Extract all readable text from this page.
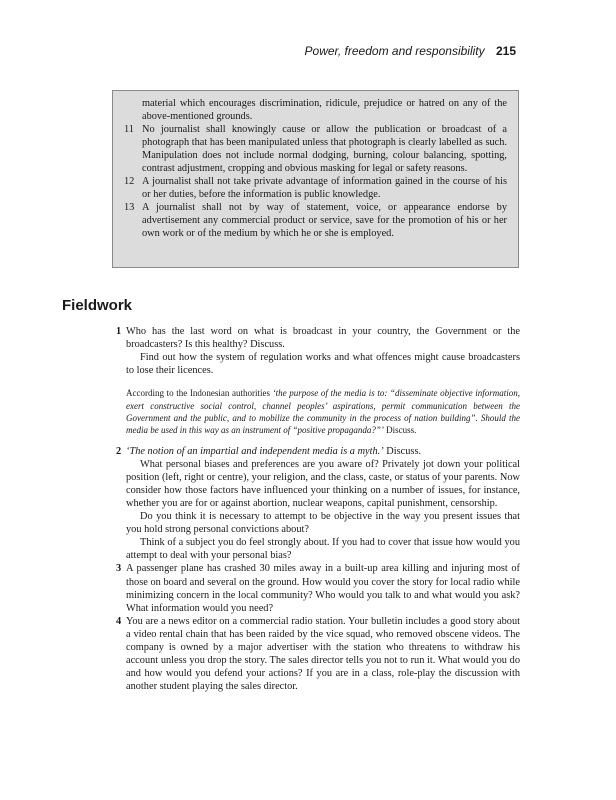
Power, freedom and responsibility 215
material which encourages discrimination, ridicule, prejudice or hatred on any of the above-mentioned grounds.
11 No journalist shall knowingly cause or allow the publication or broadcast of a photograph that has been manipulated unless that photograph is clearly labelled as such. Manipulation does not include normal dodging, burning, colour balancing, spotting, contrast adjustment, cropping and obvious masking for legal or safety reasons.
12 A journalist shall not take private advantage of information gained in the course of his or her duties, before the information is public knowledge.
13 A journalist shall not by way of statement, voice, or appearance endorse by advertisement any commercial product or service, save for the promotion of his or her own work or of the medium by which he or she is employed.
Fieldwork
1 Who has the last word on what is broadcast in your country, the Government or the broadcasters? Is this healthy? Discuss.

Find out how the system of regulation works and what offences might cause broadcasters to lose their licences.

According to the Indonesian authorities ‘the purpose of the media is to: “disseminate objective information, exert constructive social control, channel peoples’ aspirations, permit communication between the Government and the public, and to mobilize the community in the process of nation building”. Should the media be used in this way as an instrument of “positive propaganda?”’ Discuss.
2 ‘The notion of an impartial and independent media is a myth.’ Discuss.

What personal biases and preferences are you aware of? Privately jot down your political position (left, right or centre), your religion, and the class, caste, or status of your parents. Now consider how those factors have influenced your thinking on a number of issues, for instance, whether you are for or against abortion, nuclear weapons, capital punishment, censorship.

Do you think it is necessary to attempt to be objective in the way you present issues that you hold strong personal convictions about?

Think of a subject you do feel strongly about. If you had to cover that issue how would you attempt to deal with your personal bias?

3 A passenger plane has crashed 30 miles away in a built-up area killing and injuring most of those on board and several on the ground. How would you cover the story for local radio while minimizing concern in the local community? Who would you talk to and what would you ask? What information would you need?

4 You are a news editor on a commercial radio station. Your bulletin includes a good story about a video rental chain that has been raided by the vice squad, who removed obscene videos. The company is owned by a major advertiser with the station who threatens to withdraw his account unless you drop the story. The sales director tells you not to run it. What would you do and how would you defend your actions? If you are in a class, role-play the discussion with another student playing the sales director.
